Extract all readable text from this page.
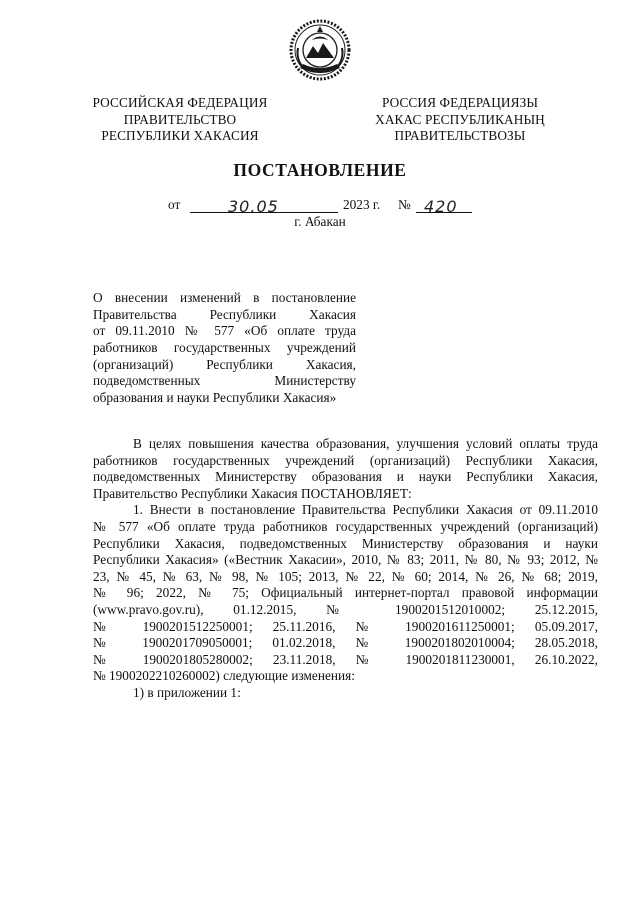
РОССИЙСКАЯ ФЕДЕРАЦИЯ
ПРАВИТЕЛЬСТВО
РЕСПУБЛИКИ ХАКАСИЯ
РОССИЯ ФЕДЕРАЦИЯЗЫ
ХАКАС РЕСПУБЛИКАНЫҢ
ПРАВИТЕЛЬСТВОЗЫ
ПОСТАНОВЛЕНИЕ
от	30.05	2023 г. № 420
г. Абакан
О внесении изменений в постановление
Правительства Республики Хакасия
от 09.11.2010 № 577 «Об оплате труда
работников государственных учреждений
(организаций) Республики Хакасия,
подведомственных Министерству
образования и науки Республики Хакасия»
В целях повышения качества образования, улучшения условий оплаты труда
работников государственных учреждений (организаций) Республики Хакасия,
подведомственных Министерству образования и науки Республики Хакасия,
Правительство Республики Хакасия ПОСТАНОВЛЯЕТ:
1. Внести в постановление Правительства Республики Хакасия от 09.11.2010
№ 577 «Об оплате труда работников государственных учреждений (организаций)
Республики Хакасия, подведомственных Министерству образования и науки
Республики Хакасия» («Вестник Хакасии», 2010, № 83; 2011, № 80, № 93; 2012, №
23, № 45, № 63, № 98, № 105; 2013, № 22, № 60; 2014, № 26, № 68; 2019,
№ 96; 2022, № 75; Официальный интернет-портал правовой информации
(www.pravo.gov.ru), 01.12.2015, № 1900201512010002; 25.12.2015,
№ 1900201512250001; 25.11.2016, № 1900201611250001; 05.09.2017,
№ 1900201709050001; 01.02.2018, № 1900201802010004; 28.05.2018,
№ 1900201805280002; 23.11.2018, № 1900201811230001, 26.10.2022,
№ 1900202210260002) следующие изменения:
1) в приложении 1:
